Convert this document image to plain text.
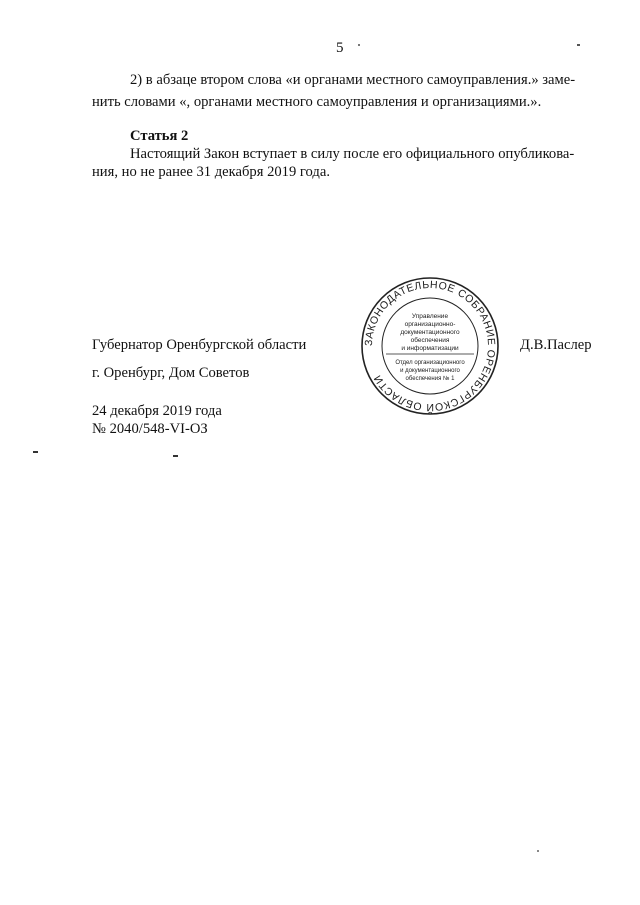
5
2) в абзаце втором слова «и органами местного самоуправления.» заме-
нить словами «, органами местного самоуправления и организациями.».
Статья 2
Настоящий Закон вступает в силу после его официального опубликова-
ния, но не ранее 31 декабря 2019 года.
Губернатор Оренбургской области	Д.В.Паслер
г. Оренбург, Дом Советов
24 декабря 2019 года
№ 2040/548-VI-ОЗ
ЗАКОНОДАТЕЛЬНОЕ СОБРАНИЕ ОРЕНБУРГСКОЙ ОБЛАСТИ
Управление
организационно-
документационного
обеспечения
и информатизации
Отдел организационного
и документационного
обеспечения № 1
